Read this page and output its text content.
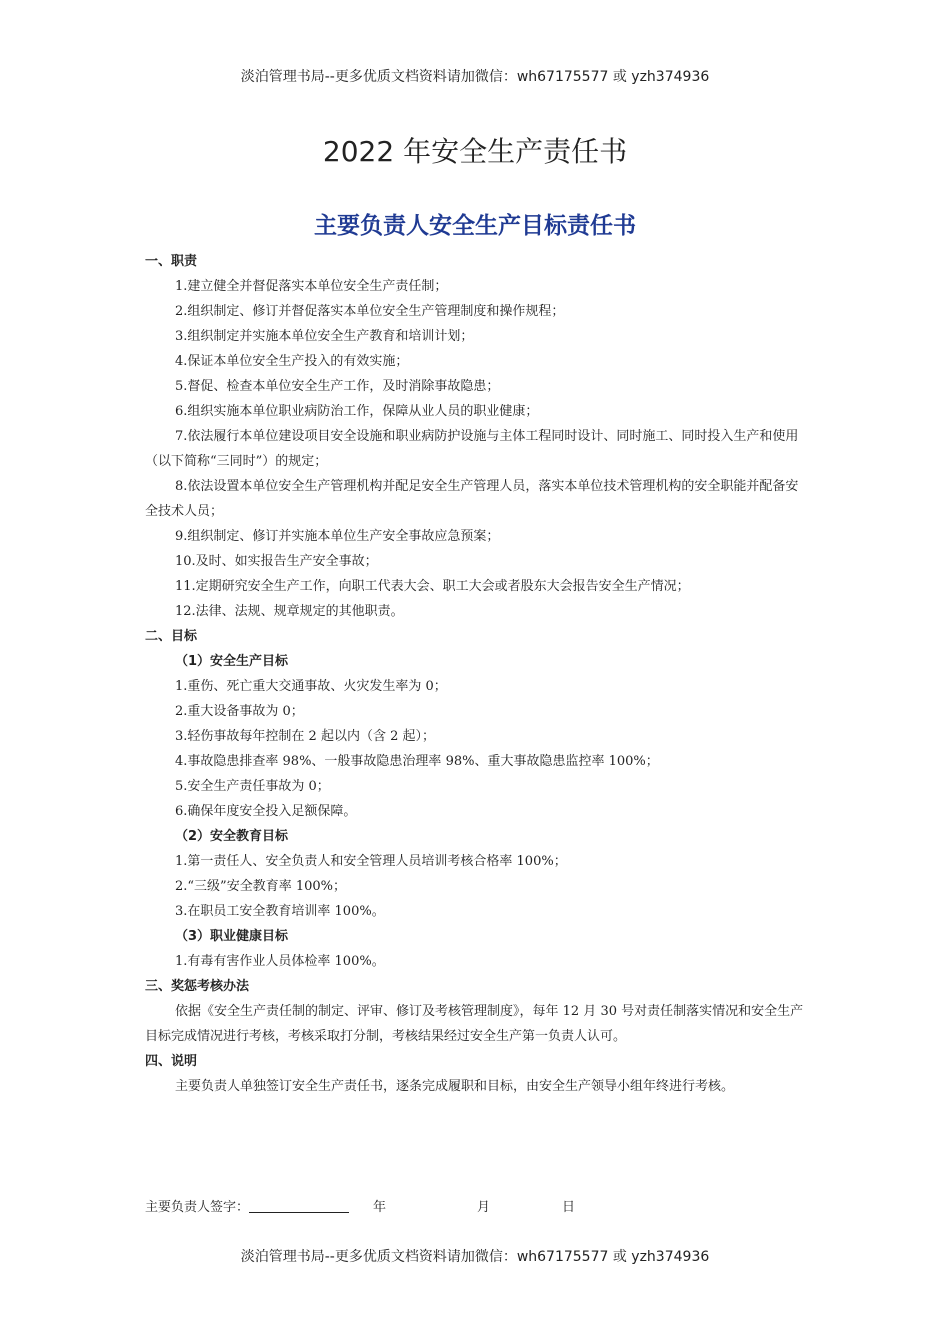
淡泊管理书局--更多优质文档资料请加微信：wh67175577 或 yzh374936
2022 年安全生产责任书
主要负责人安全生产目标责任书
一、职责
1.建立健全并督促落实本单位安全生产责任制；
2.组织制定、修订并督促落实本单位安全生产管理制度和操作规程；
3.组织制定并实施本单位安全生产教育和培训计划；
4.保证本单位安全生产投入的有效实施；
5.督促、检查本单位安全生产工作，及时消除事故隐患；
6.组织实施本单位职业病防治工作，保障从业人员的职业健康；
7.依法履行本单位建设项目安全设施和职业病防护设施与主体工程同时设计、同时施工、同时投入生产和使用（以下简称“三同时”）的规定；
8.依法设置本单位安全生产管理机构并配足安全生产管理人员，落实本单位技术管理机构的安全职能并配备安全技术人员；
9.组织制定、修订并实施本单位生产安全事故应急预案；
10.及时、如实报告生产安全事故；
11.定期研究安全生产工作，向职工代表大会、职工大会或者股东大会报告安全生产情况；
12.法律、法规、规章规定的其他职责。
二、目标
（1）安全生产目标
1.重伤、死亡重大交通事故、火灾发生率为 0；
2.重大设备事故为 0；
3.轻伤事故每年控制在 2 起以内（含 2 起）；
4.事故隐患排查率 98%、一般事故隐患治理率 98%、重大事故隐患监控率 100%；
5.安全生产责任事故为 0；
6.确保年度安全投入足额保障。
（2）安全教育目标
1.第一责任人、安全负责人和安全管理人员培训考核合格率 100%；
2.“三级”安全教育率 100%；
3.在职员工安全教育培训率 100%。
（3）职业健康目标
1.有毒有害作业人员体检率 100%。
三、奖惩考核办法
依据《安全生产责任制的制定、评审、修订及考核管理制度》，每年 12 月 30 号对责任制落实情况和安全生产目标完成情况进行考核，考核采取打分制，考核结果经过安全生产第一负责人认可。
四、说明
主要负责人单独签订安全生产责任书，逐条完成履职和目标，由安全生产领导小组年终进行考核。
主要负责人签字：	年	月	日
淡泊管理书局--更多优质文档资料请加微信：wh67175577 或 yzh374936
